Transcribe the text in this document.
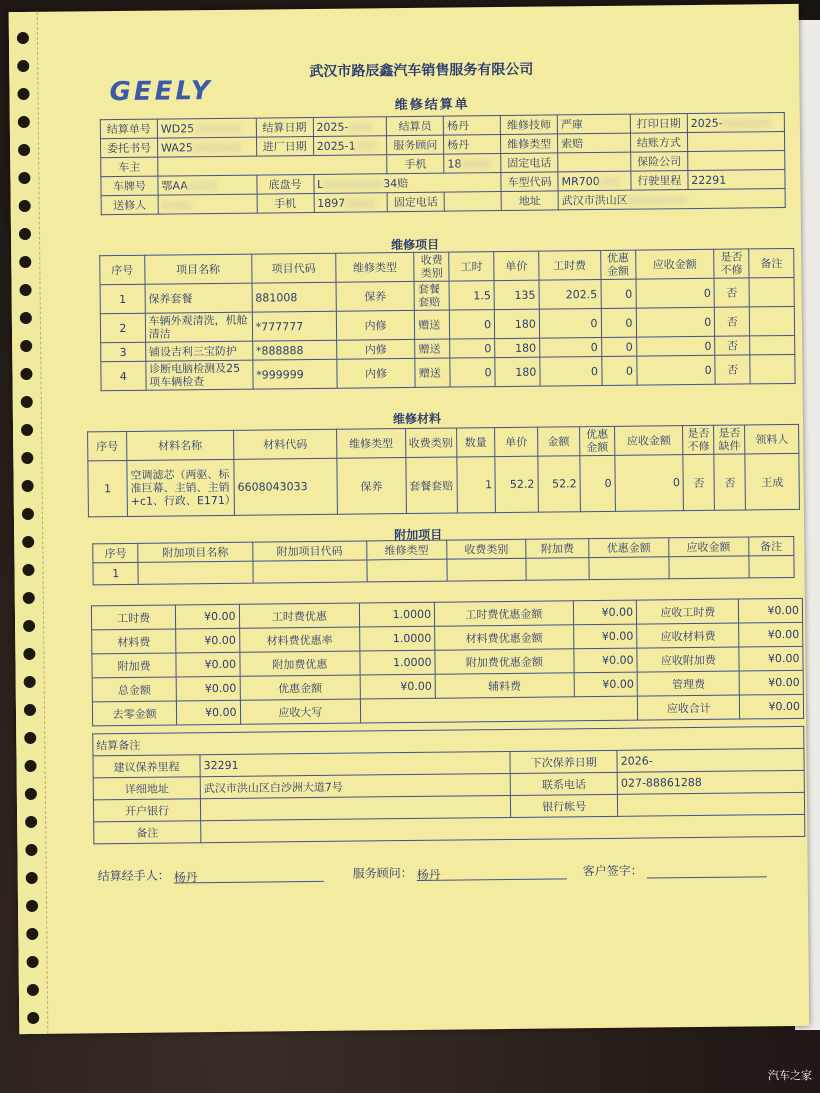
GEELY
武汉市路辰鑫汽车销售服务有限公司
维修结算单
结算单号	WD25	结算日期	2025-	结算员	杨丹	维修技师	严庫	打印日期	2025-
委托书号	WA25	进厂日期	2025-1	服务顾问	杨丹	维修类型	索赔	结账方式	
车主				手机	18	固定电话		保险公司	
车牌号	鄂AA	底盘号	L 34赔			车型代码	MR700	行驶里程	22291
送修人		手机	1897	固定电话		地址	武汉市洪山区		
维修项目
序号	项目名称	项目代码	维修类型	收费类别	工时	单价	工时费	优惠金额	应收金额	是否不修	备注
1	保养套餐	881008	保养	套餐套赔	1.5	135	202.5	0	0	否	
2	车辆外观清洗，机舱清洁	*777777	内修	赠送	0	180	0	0	0	否	
3	铺设吉利三宝防护	*888888	内修	赠送	0	180	0	0	0	否	
4	诊断电脑检测及25项车辆检查	*999999	内修	赠送	0	180	0	0	0	否	
维修材料
序号	材料名称	材料代码	维修类型	收费类别	数量	单价	金额	优惠金额	应收金额	是否不修	是否缺件	领料人
1	空调滤芯（两驱、标准巨幕、主销、主销+c1、行政、E171）	6608043033	保养	套餐套赔	1	52.2	52.2	0	0	否	否	王成
附加项目
序号	附加项目名称	附加项目代码	维修类型	收费类别	附加费	优惠金额	应收金额	备注
1								
工时费	¥0.00	工时费优惠	1.0000	工时费优惠金额	¥0.00	应收工时费	¥0.00
材料费	¥0.00	材料费优惠率	1.0000	材料费优惠金额	¥0.00	应收材料费	¥0.00
附加费	¥0.00	附加费优惠	1.0000	附加费优惠金额	¥0.00	应收附加费	¥0.00
总金额	¥0.00	优惠金额	¥0.00	辅料费	¥0.00	管理费	¥0.00
去零金额	¥0.00	应收大写				应收合计	¥0.00
结算备注			
建议保养里程	32291	下次保养日期	2026-
详细地址	武汉市洪山区白沙洲大道7号	联系电话	027-88861288
开户银行		银行帐号	
备注			
结算经手人： 杨丹	服务顾问： 杨丹	客户签字：
汽车之家
